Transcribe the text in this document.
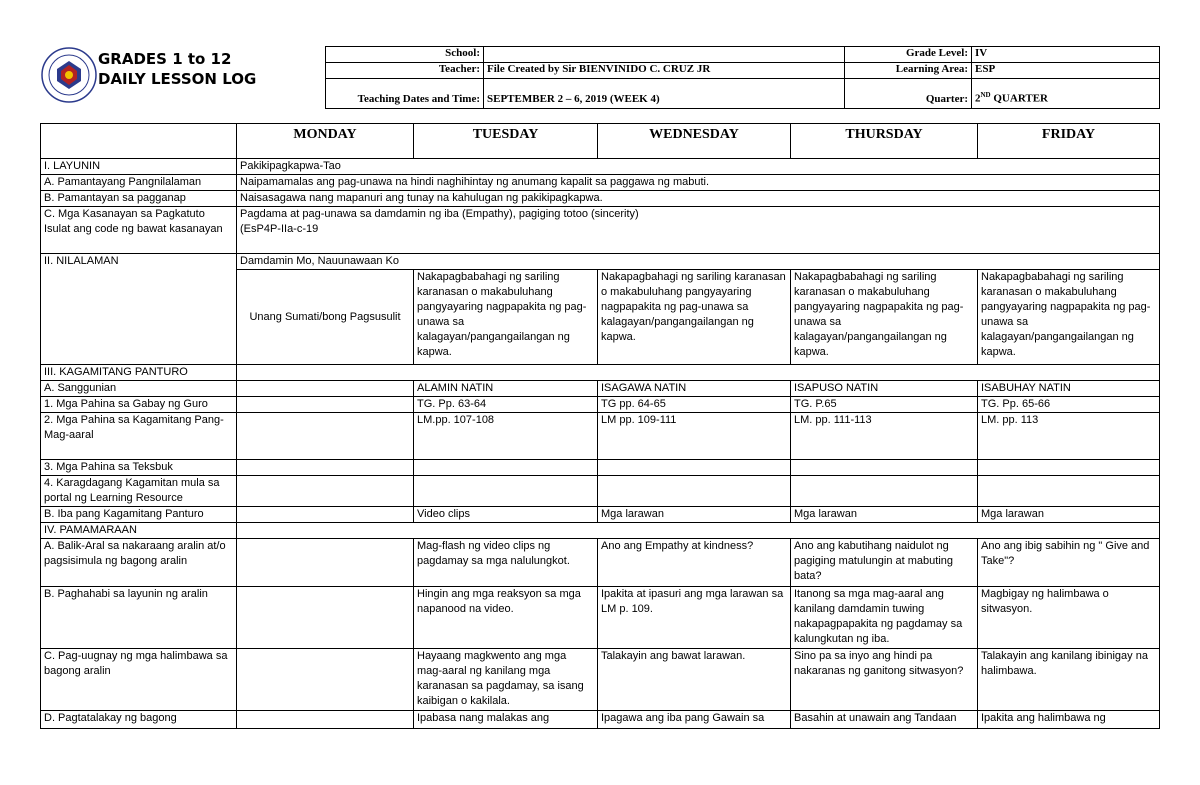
GRADES 1 to 12
DAILY LESSON LOG
School:		Grade Level:	IV
Teacher:	File Created by Sir BIENVINIDO C. CRUZ JR	Learning Area:	ESP
Teaching Dates and Time:	SEPTEMBER 2 – 6, 2019 (WEEK 4)	Quarter:	2ND QUARTER
	MONDAY	TUESDAY	WEDNESDAY	THURSDAY	FRIDAY
I. LAYUNIN	Pakikipagkapwa-Tao				
A. Pamantayang Pangnilalaman	Naipamamalas ang pag-unawa na hindi naghihintay ng anumang kapalit sa paggawa ng mabuti.				
B. Pamantayan sa pagganap	Naisasagawa nang mapanuri ang tunay na kahulugan ng pakikipagkapwa.				
C. Mga Kasanayan sa Pagkatuto Isulat ang code ng bawat kasanayan	Pagdama at pag-unawa sa damdamin ng iba (Empathy), pagiging totoo (sincerity)
(EsP4P-IIa-c-19				

II. NILALAMAN	Damdamin Mo, Nauunawaan Ko				
	Unang Sumati/bong Pagsusulit	Nakapagbabahagi ng sariling karanasan o makabuluhang pangyayaring nagpapakita ng pag-unawa sa kalagayan/pangangailangan ng kapwa.	Nakapagbahagi ng sariling karanasan o makabuluhang pangyayaring nagpapakita ng pag-unawa sa kalagayan/pangangailangan ng kapwa.	Nakapagbabahagi ng sariling karanasan o makabuluhang pangyayaring nagpapakita ng pag-unawa sa kalagayan/pangangailangan ng kapwa.	Nakapagbabahagi ng sariling karanasan o makabuluhang pangyayaring nagpapakita ng pag-unawa sa kalagayan/pangangailangan ng kapwa.
III. KAGAMITANG PANTURO					
A. Sanggunian		ALAMIN NATIN	ISAGAWA NATIN	ISAPUSO NATIN	ISABUHAY NATIN
1. Mga Pahina sa Gabay ng Guro		TG. Pp. 63-64	TG pp. 64-65	TG. P.65	TG. Pp. 65-66
2. Mga Pahina sa Kagamitang Pang- Mag-aaral		LM.pp. 107-108	LM pp. 109-111	LM. pp. 111-113	LM. pp. 113
3. Mga Pahina sa Teksbuk					
4. Karagdagang Kagamitan mula sa portal ng Learning Resource					
B. Iba pang Kagamitang Panturo		Video clips	Mga larawan	Mga larawan	Mga larawan
IV. PAMAMARAAN					
A. Balik-Aral sa nakaraang aralin at/o pagsisimula ng bagong aralin		Mag-flash ng video clips ng pagdamay sa mga nalulungkot.	Ano ang Empathy at kindness?	Ano ang kabutihang naidulot ng pagiging matulungin at mabuting bata?	Ano ang ibig sabihin ng " Give and Take"?
B. Paghahabi sa layunin ng aralin		Hingin ang mga reaksyon sa mga napanood na video.	Ipakita at ipasuri ang mga larawan sa LM p. 109.	Itanong sa mga mag-aaral ang kanilang damdamin tuwing nakapagpapakita ng pagdamay sa kalungkutan ng iba.	Magbigay ng halimbawa o sitwasyon.
C. Pag-uugnay ng mga halimbawa sa bagong aralin		Hayaang magkwento ang mga mag-aaral ng kanilang mga karanasan sa pagdamay, sa isang kaibigan o kakilala.	Talakayin ang bawat larawan.	Sino pa sa inyo ang hindi pa nakaranas ng ganitong sitwasyon?	Talakayin ang kanilang ibinigay na halimbawa.
D. Pagtatalakay ng bagong		Ipabasa nang malakas ang	Ipagawa ang iba pang Gawain sa	Basahin at unawain ang Tandaan	Ipakita ang halimbawa ng
